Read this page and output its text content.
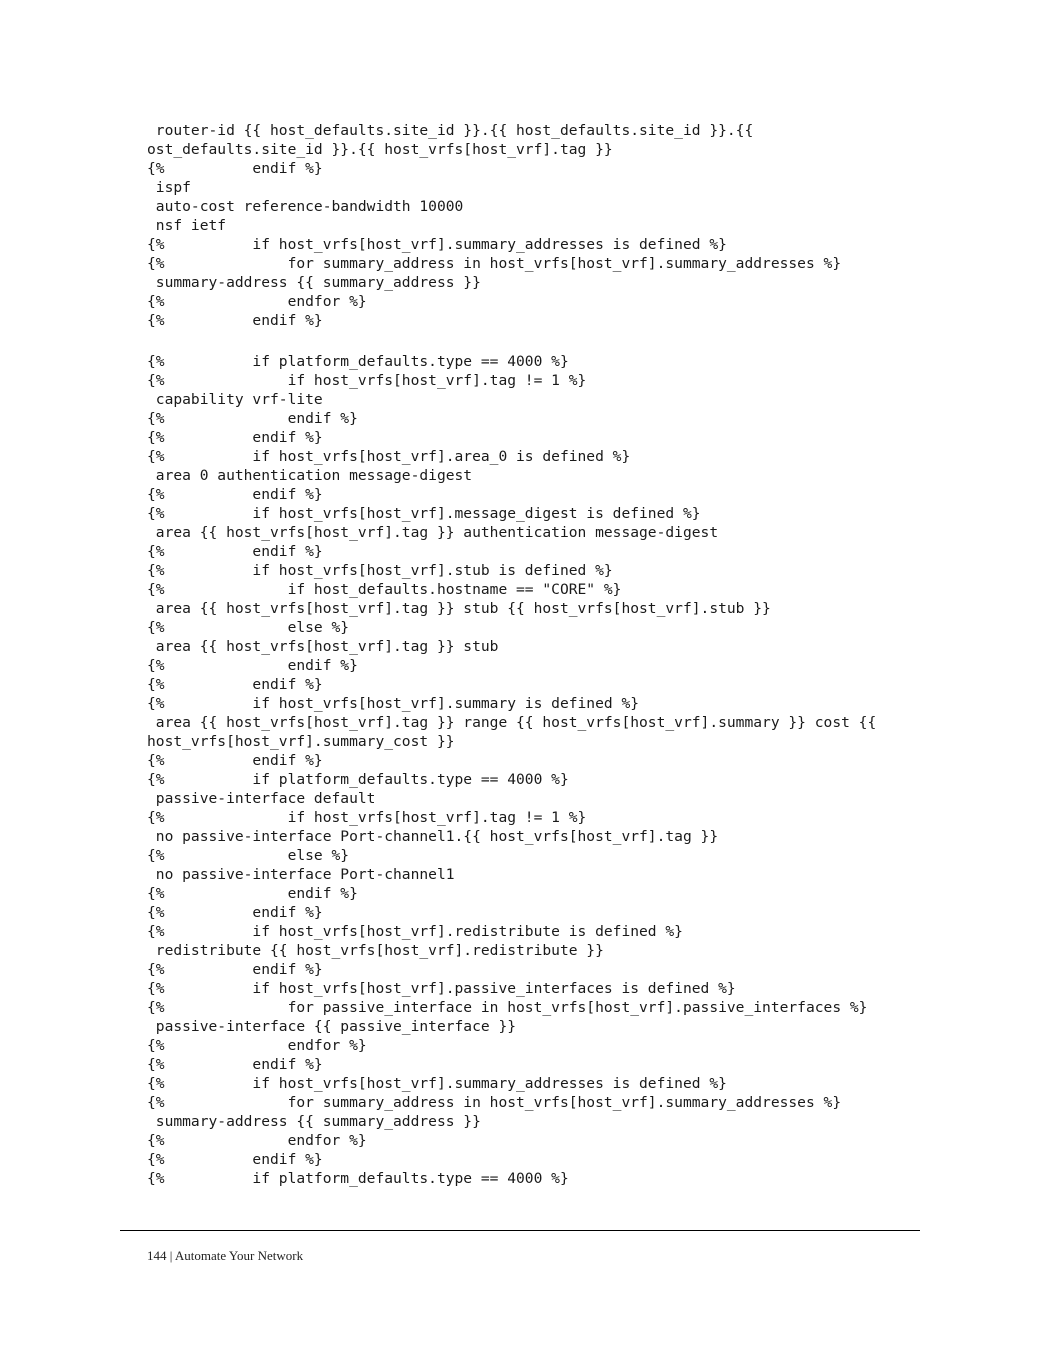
router-id {{ host_defaults.site_id }}.{{ host_defaults.site_id }}.{{
ost_defaults.site_id }}.{{ host_vrfs[host_vrf].tag }}
{%          endif %}
ispf
auto-cost reference-bandwidth 10000
nsf ietf
{%          if host_vrfs[host_vrf].summary_addresses is defined %}
{%              for summary_address in host_vrfs[host_vrf].summary_addresses %}
summary-address {{ summary_address }}
{%              endfor %}
{%          endif %}
{%          if platform_defaults.type == 4000 %}
{%              if host_vrfs[host_vrf].tag != 1 %}
capability vrf-lite
{%              endif %}
{%          endif %}
{%          if host_vrfs[host_vrf].area_0 is defined %}
area 0 authentication message-digest
{%          endif %}
{%          if host_vrfs[host_vrf].message_digest is defined %}
area {{ host_vrfs[host_vrf].tag }} authentication message-digest
{%          endif %}
{%          if host_vrfs[host_vrf].stub is defined %}
{%              if host_defaults.hostname == "CORE" %}
area {{ host_vrfs[host_vrf].tag }} stub {{ host_vrfs[host_vrf].stub }}
{%              else %}
area {{ host_vrfs[host_vrf].tag }} stub
{%              endif %}
{%          endif %}
{%          if host_vrfs[host_vrf].summary is defined %}
area {{ host_vrfs[host_vrf].tag }} range {{ host_vrfs[host_vrf].summary }} cost {{
host_vrfs[host_vrf].summary_cost }}
{%          endif %}
{%          if platform_defaults.type == 4000 %}
passive-interface default
{%              if host_vrfs[host_vrf].tag != 1 %}
no passive-interface Port-channel1.{{ host_vrfs[host_vrf].tag }}
{%              else %}
no passive-interface Port-channel1
{%              endif %}
{%          endif %}
{%          if host_vrfs[host_vrf].redistribute is defined %}
redistribute {{ host_vrfs[host_vrf].redistribute }}
{%          endif %}
{%          if host_vrfs[host_vrf].passive_interfaces is defined %}
{%              for passive_interface in host_vrfs[host_vrf].passive_interfaces %}
passive-interface {{ passive_interface }}
{%              endfor %}
{%          endif %}
{%          if host_vrfs[host_vrf].summary_addresses is defined %}
{%              for summary_address in host_vrfs[host_vrf].summary_addresses %}
summary-address {{ summary_address }}
{%              endfor %}
{%          endif %}
{%          if platform_defaults.type == 4000 %}
144 | Automate Your Network
